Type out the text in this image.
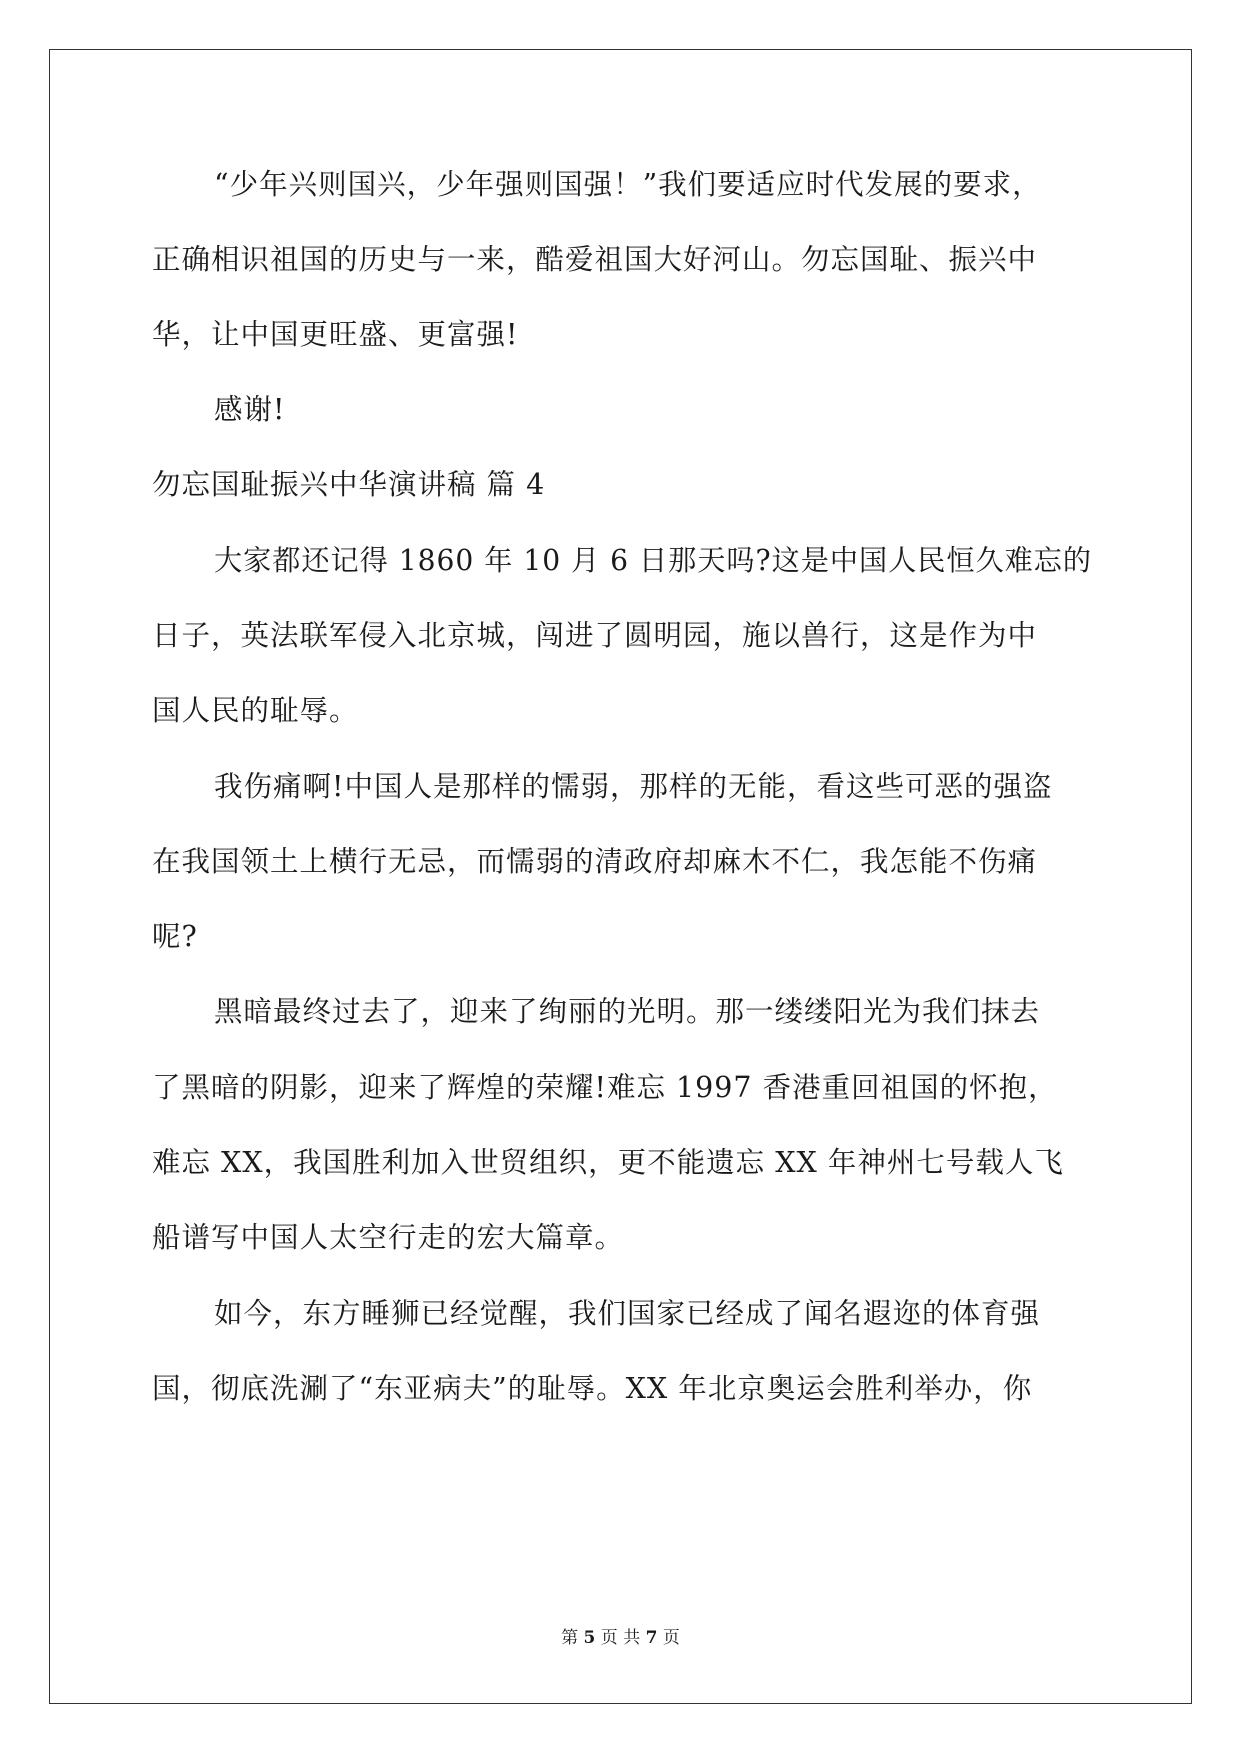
“少年兴则国兴，少年强则国强！”我们要适应时代发展的要求，
正确相识祖国的历史与一来，酷爱祖国大好河山。勿忘国耻、振兴中
华，让中国更旺盛、更富强!
感谢!
勿忘国耻振兴中华演讲稿 篇 4
大家都还记得 1860 年 10 月 6 日那天吗?这是中国人民恒久难忘的
日子，英法联军侵入北京城，闯进了圆明园，施以兽行，这是作为中
国人民的耻辱。
我伤痛啊!中国人是那样的懦弱，那样的无能，看这些可恶的强盗
在我国领土上横行无忌，而懦弱的清政府却麻木不仁，我怎能不伤痛
呢?
黑暗最终过去了，迎来了绚丽的光明。那一缕缕阳光为我们抹去
了黑暗的阴影，迎来了辉煌的荣耀!难忘 1997 香港重回祖国的怀抱，
难忘 XX，我国胜利加入世贸组织，更不能遗忘 XX 年神州七号载人飞
船谱写中国人太空行走的宏大篇章。
如今，东方睡狮已经觉醒，我们国家已经成了闻名遐迩的体育强
国，彻底洗涮了“东亚病夫”的耻辱。XX 年北京奥运会胜利举办，你
第 5 页 共 7 页
